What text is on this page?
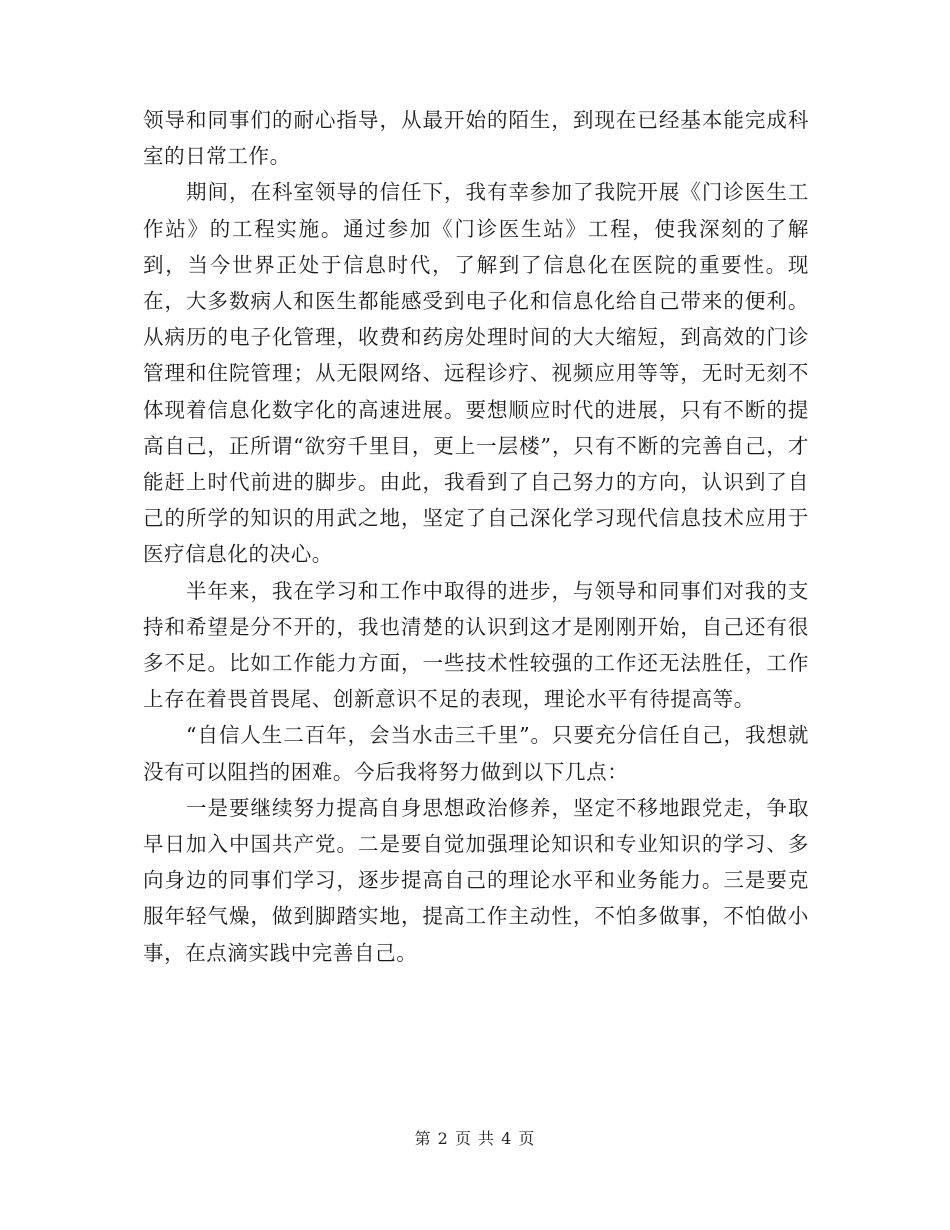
领导和同事们的耐心指导，从最开始的陌生，到现在已经基本能完成科室的日常工作。

期间，在科室领导的信任下，我有幸参加了我院开展《门诊医生工作站》的工程实施。通过参加《门诊医生站》工程，使我深刻的了解到，当今世界正处于信息时代，了解到了信息化在医院的重要性。现在，大多数病人和医生都能感受到电子化和信息化给自己带来的便利。从病历的电子化管理，收费和药房处理时间的大大缩短，到高效的门诊管理和住院管理；从无限网络、远程诊疗、视频应用等等，无时无刻不体现着信息化数字化的高速进展。要想顺应时代的进展，只有不断的提高自己，正所谓“欲穷千里目，更上一层楼”，只有不断的完善自己，才能赶上时代前进的脚步。由此，我看到了自己努力的方向，认识到了自己的所学的知识的用武之地，坚定了自己深化学习现代信息技术应用于医疗信息化的决心。

半年来，我在学习和工作中取得的进步，与领导和同事们对我的支持和希望是分不开的，我也清楚的认识到这才是刚刚开始，自己还有很多不足。比如工作能力方面，一些技术性较强的工作还无法胜任，工作上存在着畏首畏尾、创新意识不足的表现，理论水平有待提高等。

“自信人生二百年，会当水击三千里”。只要充分信任自己，我想就没有可以阻挡的困难。今后我将努力做到以下几点：

一是要继续努力提高自身思想政治修养，坚定不移地跟党走，争取早日加入中国共产党。二是要自觉加强理论知识和专业知识的学习、多向身边的同事们学习，逐步提高自己的理论水平和业务能力。三是要克服年轻气燥，做到脚踏实地，提高工作主动性，不怕多做事，不怕做小事，在点滴实践中完善自己。

第 2 页 共 4 页
